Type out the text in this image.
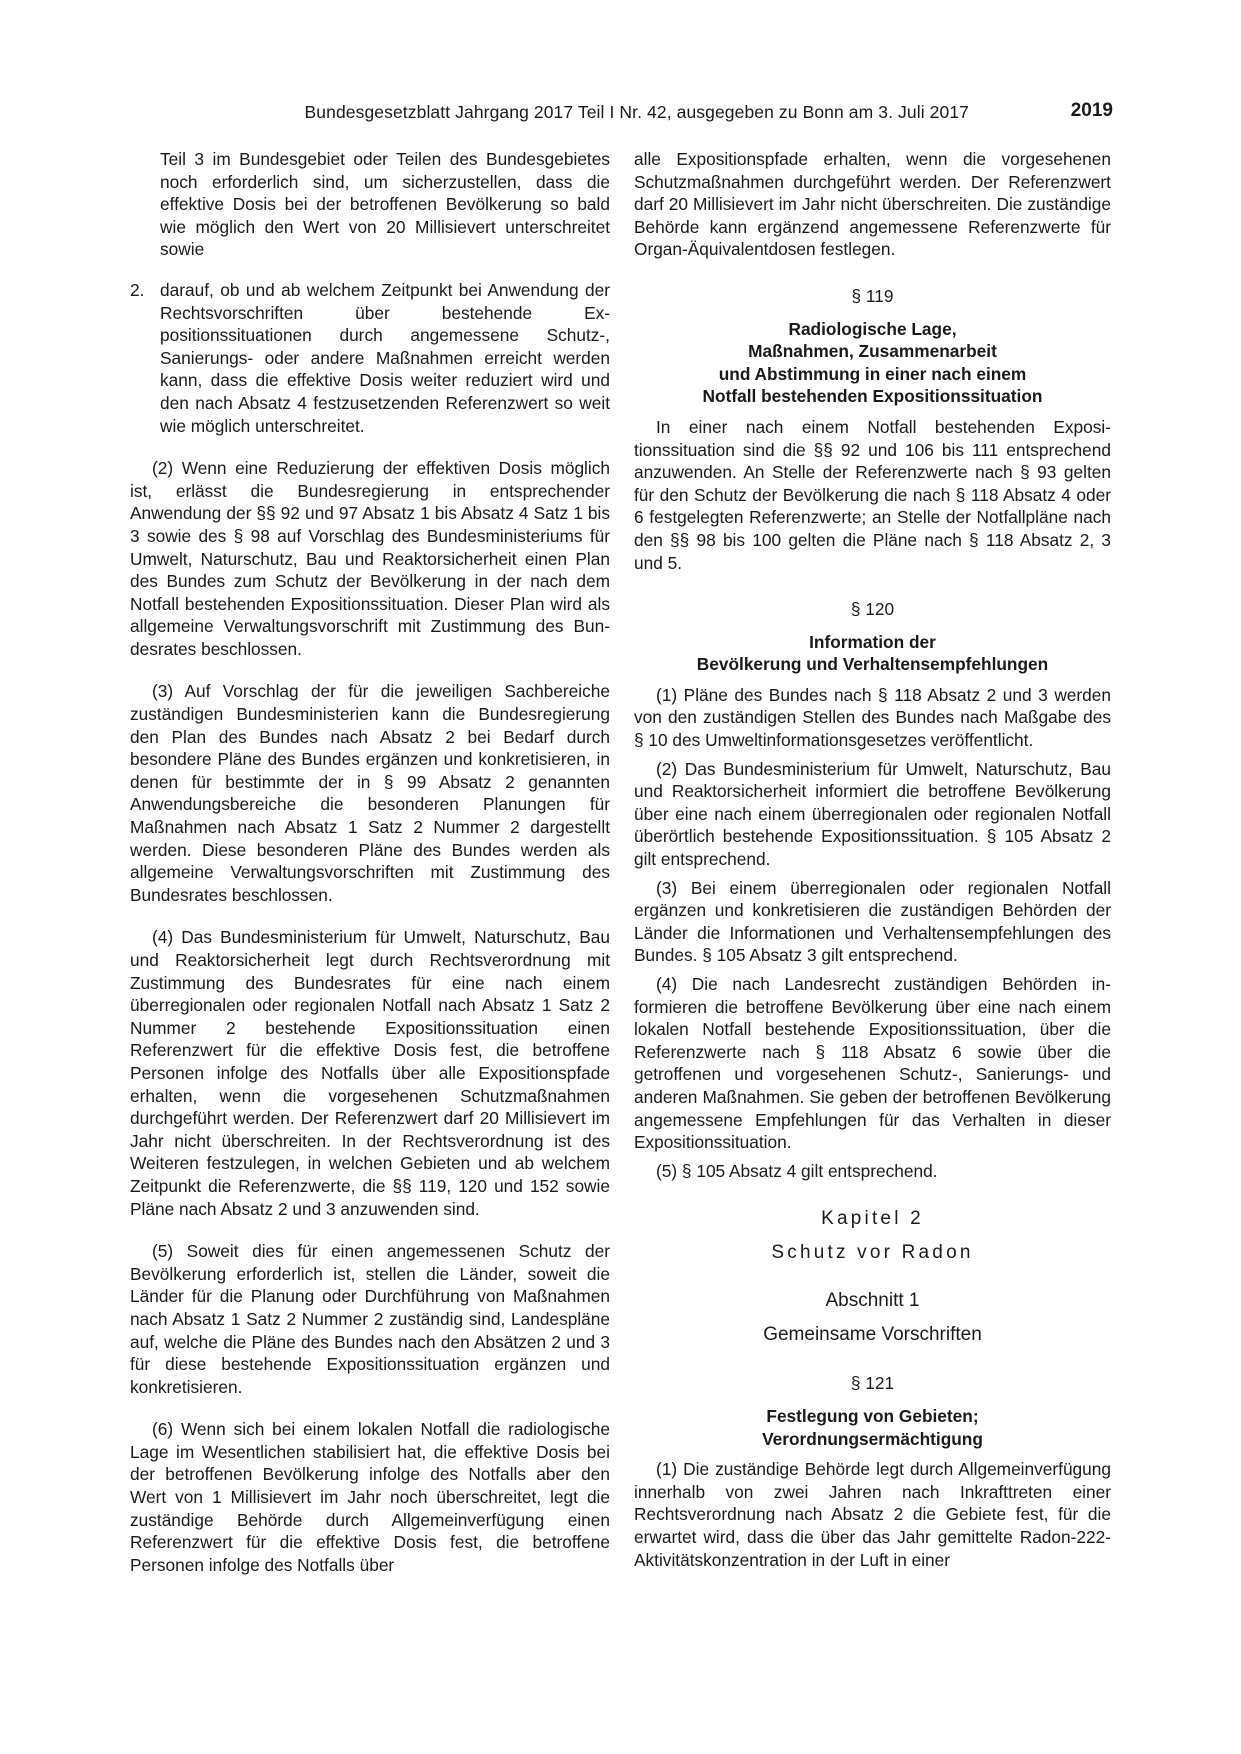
Bundesgesetzblatt Jahrgang 2017 Teil I Nr. 42, ausgegeben zu Bonn am 3. Juli 2017	2019

Teil 3 im Bundesgebiet oder Teilen des Bundesgebietes noch erforderlich sind, um sicherzustellen, dass die effektive Dosis bei der betroffenen Bevölkerung so bald wie möglich den Wert von 20 Millisievert unterschreitet sowie

2. darauf, ob und ab welchem Zeitpunkt bei Anwendung der Rechtsvorschriften über bestehende Expositionssituationen durch angemessene Schutz-, Sanierungs- oder andere Maßnahmen erreicht werden kann, dass die effektive Dosis weiter reduziert wird und den nach Absatz 4 festzusetzenden Referenzwert so weit wie möglich unterschreitet.

(2) Wenn eine Reduzierung der effektiven Dosis möglich ist, erlässt die Bundesregierung in entsprechender Anwendung der §§ 92 und 97 Absatz 1 bis Absatz 4 Satz 1 bis 3 sowie des § 98 auf Vorschlag des Bundesministeriums für Umwelt, Naturschutz, Bau und Reaktorsicherheit einen Plan des Bundes zum Schutz der Bevölkerung in der nach dem Notfall bestehenden Expositionssituation. Dieser Plan wird als allgemeine Verwaltungsvorschrift mit Zustimmung des Bundesrates beschlossen.

(3) Auf Vorschlag der für die jeweiligen Sachbereiche zuständigen Bundesministerien kann die Bundesregierung den Plan des Bundes nach Absatz 2 bei Bedarf durch besondere Pläne des Bundes ergänzen und konkretisieren, in denen für bestimmte der in § 99 Absatz 2 genannten Anwendungsbereiche die besonderen Planungen für Maßnahmen nach Absatz 1 Satz 2 Nummer 2 dargestellt werden. Diese besonderen Pläne des Bundes werden als allgemeine Verwaltungsvorschriften mit Zustimmung des Bundesrates beschlossen.

(4) Das Bundesministerium für Umwelt, Naturschutz, Bau und Reaktorsicherheit legt durch Rechtsverordnung mit Zustimmung des Bundesrates für eine nach einem überregionalen oder regionalen Notfall nach Absatz 1 Satz 2 Nummer 2 bestehende Expositionssituation einen Referenzwert für die effektive Dosis fest, die betroffene Personen infolge des Notfalls über alle Expositionspfade erhalten, wenn die vorgesehenen Schutzmaßnahmen durchgeführt werden. Der Referenzwert darf 20 Millisievert im Jahr nicht überschreiten. In der Rechtsverordnung ist des Weiteren festzulegen, in welchen Gebieten und ab welchem Zeitpunkt die Referenzwerte, die §§ 119, 120 und 152 sowie Pläne nach Absatz 2 und 3 anzuwenden sind.

(5) Soweit dies für einen angemessenen Schutz der Bevölkerung erforderlich ist, stellen die Länder, soweit die Länder für die Planung oder Durchführung von Maßnahmen nach Absatz 1 Satz 2 Nummer 2 zuständig sind, Landespläne auf, welche die Pläne des Bundes nach den Absätzen 2 und 3 für diese bestehende Expositionssituation ergänzen und konkretisieren.

(6) Wenn sich bei einem lokalen Notfall die radiologische Lage im Wesentlichen stabilisiert hat, die effektive Dosis bei der betroffenen Bevölkerung infolge des Notfalls aber den Wert von 1 Millisievert im Jahr noch überschreitet, legt die zuständige Behörde durch Allgemeinverfügung einen Referenzwert für die effektive Dosis fest, die betroffene Personen infolge des Notfalls über

alle Expositionspfade erhalten, wenn die vorgesehenen Schutzmaßnahmen durchgeführt werden. Der Referenzwert darf 20 Millisievert im Jahr nicht überschreiten. Die zuständige Behörde kann ergänzend angemessene Referenzwerte für Organ-Äquivalentdosen festlegen.

§ 119
Radiologische Lage,
Maßnahmen, Zusammenarbeit
und Abstimmung in einer nach einem
Notfall bestehenden Expositionssituation

In einer nach einem Notfall bestehenden Expositionssituation sind die §§ 92 und 106 bis 111 entsprechend anzuwenden. An Stelle der Referenzwerte nach § 93 gelten für den Schutz der Bevölkerung die nach § 118 Absatz 4 oder 6 festgelegten Referenzwerte; an Stelle der Notfallpläne nach den §§ 98 bis 100 gelten die Pläne nach § 118 Absatz 2, 3 und 5.

§ 120
Information der
Bevölkerung und Verhaltensempfehlungen

(1) Pläne des Bundes nach § 118 Absatz 2 und 3 werden von den zuständigen Stellen des Bundes nach Maßgabe des § 10 des Umweltinformationsgesetzes veröffentlicht.

(2) Das Bundesministerium für Umwelt, Naturschutz, Bau und Reaktorsicherheit informiert die betroffene Bevölkerung über eine nach einem überregionalen oder regionalen Notfall überörtlich bestehende Expositionssituation. § 105 Absatz 2 gilt entsprechend.

(3) Bei einem überregionalen oder regionalen Notfall ergänzen und konkretisieren die zuständigen Behörden der Länder die Informationen und Verhaltensempfehlungen des Bundes. § 105 Absatz 3 gilt entsprechend.

(4) Die nach Landesrecht zuständigen Behörden informieren die betroffene Bevölkerung über eine nach einem lokalen Notfall bestehende Expositionssituation, über die Referenzwerte nach § 118 Absatz 6 sowie über die getroffenen und vorgesehenen Schutz-, Sanierungs- und anderen Maßnahmen. Sie geben der betroffenen Bevölkerung angemessene Empfehlungen für das Verhalten in dieser Expositionssituation.

(5) § 105 Absatz 4 gilt entsprechend.

Kapitel 2
Schutz vor Radon
Abschnitt 1
Gemeinsame Vorschriften
§ 121
Festlegung von Gebieten;
Verordnungsermächtigung

(1) Die zuständige Behörde legt durch Allgemeinverfügung innerhalb von zwei Jahren nach Inkrafttreten einer Rechtsverordnung nach Absatz 2 die Gebiete fest, für die erwartet wird, dass die über das Jahr gemittelte Radon-222-Aktivitätskonzentration in der Luft in einer
